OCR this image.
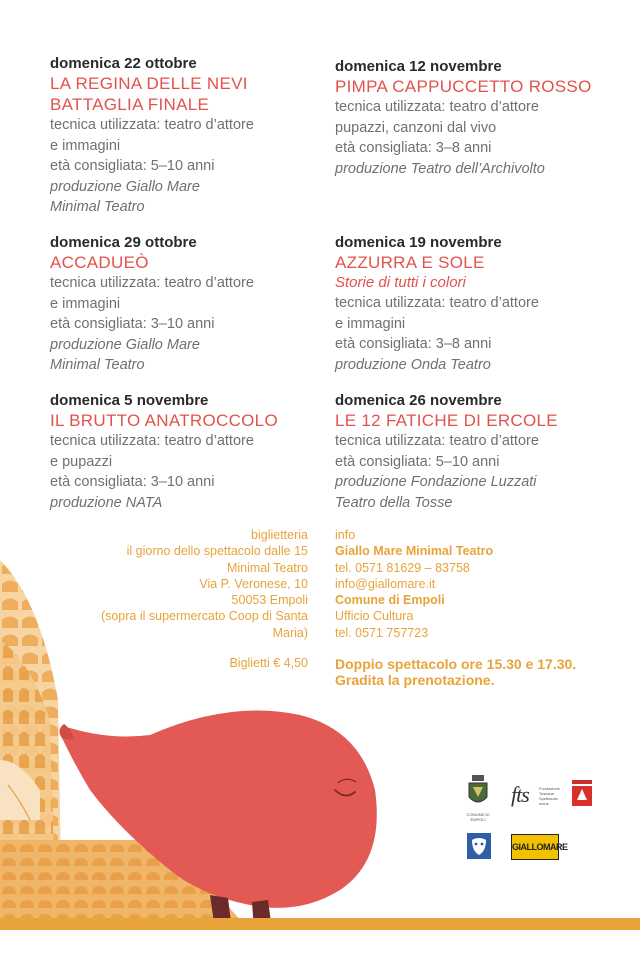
domenica 22 ottobre
LA REGINA DELLE NEVI
BATTAGLIA FINALE
tecnica utilizzata: teatro d’attore
e immagini
età consigliata: 5–10 anni
produzione Giallo Mare
Minimal Teatro
domenica 29 ottobre
ACCADUEÒ
tecnica utilizzata: teatro d’attore
e immagini
età consigliata: 3–10 anni
produzione Giallo Mare
Minimal Teatro
domenica 5 novembre
IL BRUTTO ANATROCCOLO
tecnica utilizzata: teatro d’attore
e pupazzi
età consigliata: 3–10 anni
produzione NATA
domenica 12 novembre
PIMPA CAPPUCCETTO ROSSO
tecnica utilizzata: teatro d’attore
pupazzi, canzoni dal vivo
età consigliata: 3–8 anni
produzione Teatro dell’Archivolto
domenica 19 novembre
AZZURRA E SOLE
Storie di tutti i colori
tecnica utilizzata: teatro d’attore
e immagini
età consigliata: 3–8 anni
produzione Onda Teatro
domenica 26 novembre
LE 12 FATICHE DI ERCOLE
tecnica utilizzata: teatro d’attore
età consigliata: 5–10 anni
produzione Fondazione Luzzati
Teatro della Tosse
biglietteria
il giorno dello spettacolo dalle 15
Minimal Teatro
Via P. Veronese, 10
50053 Empoli
(sopra il supermercato Coop di Santa
Maria)
Biglietti € 4,50
info
Giallo Mare Minimal Teatro
tel. 0571 81629 – 83758
info@giallomare.it
Comune di Empoli
Ufficio Cultura
tel. 0571 757723
Doppio spettacolo ore 15.30 e 17.30. Gradita la prenotazione.
COMUNE DI EMPOLI
fts	Fondazione Toscana Spettacolo onlus
GIALLOMARE
